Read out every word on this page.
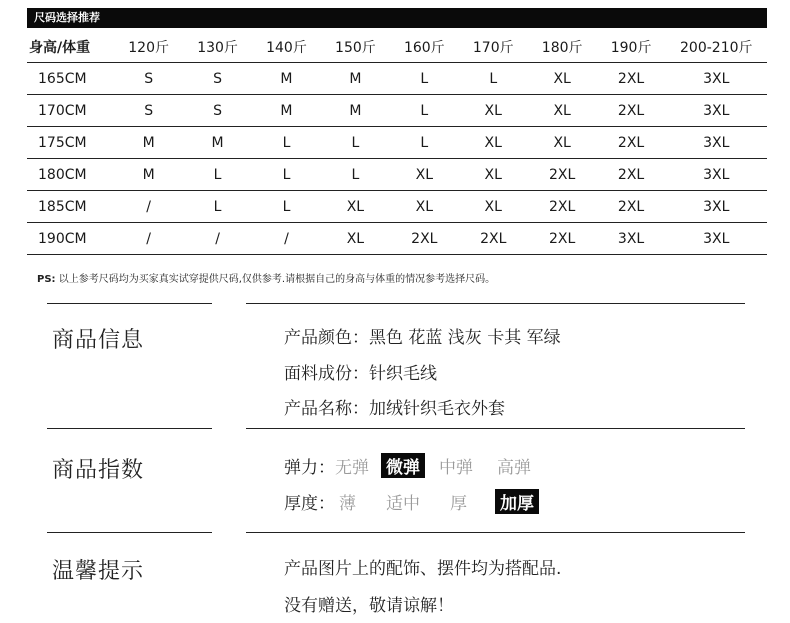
尺码选择推荐
身高/体重	120斤	130斤	140斤	150斤	160斤	170斤	180斤	190斤	200-210斤
165CM	S	S	M	M	L	L	XL	2XL	3XL
170CM	S	S	M	M	L	XL	XL	2XL	3XL
175CM	M	M	L	L	L	XL	XL	2XL	3XL
180CM	M	L	L	L	XL	XL	2XL	2XL	3XL
185CM	/	L	L	XL	XL	XL	2XL	2XL	3XL
190CM	/	/	/	XL	2XL	2XL	2XL	3XL	3XL
PS: 以上参考尺码均为买家真实试穿提供尺码,仅供参考.请根据自己的身高与体重的情况参考选择尺码。
商品信息	产品颜色：黑色 花蓝 浅灰 卡其 军绿
面料成份：针织毛线
产品名称：加绒针织毛衣外套
商品指数	弹力：无弹 微弹 中弹 高弹
厚度： 薄 适中 厚 加厚
温馨提示	产品图片上的配饰、摆件均为搭配品.
没有赠送，敬请谅解！
